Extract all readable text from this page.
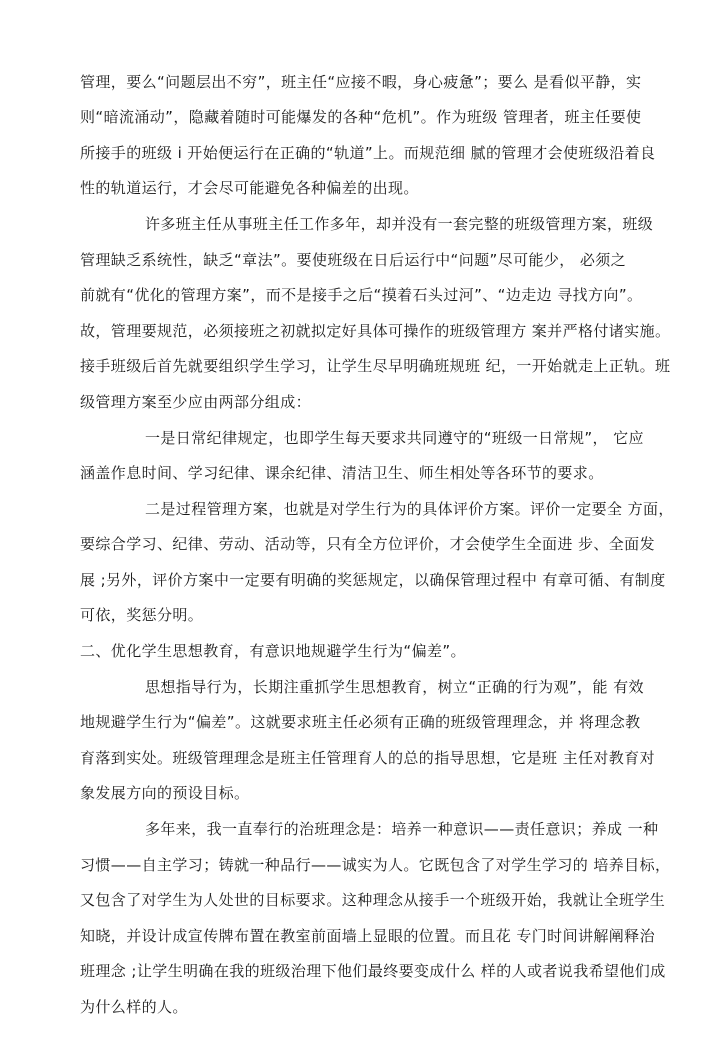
管理，要么“问题层出不穷”，班主任“应接不暇，身心疲惫”；要么 是看似平静，实
则“暗流涌动”，隐藏着随时可能爆发的各种“危机”。作为班级 管理者，班主任要使
所接手的班级 i 开始便运行在正确的“轨道”上。而规范细 腻的管理才会使班级沿着良
性的轨道运行，才会尽可能避免各种偏差的出现。
许多班主任从事班主任工作多年，却并没有一套完整的班级管理方案，班级
管理缺乏系统性，缺乏“章法”。要使班级在日后运行中“问题”尽可能少， 必须之
前就有“优化的管理方案”，而不是接手之后“摸着石头过河”、“边走边 寻找方向”。
故，管理要规范，必须接班之初就拟定好具体可操作的班级管理方 案并严格付诸实施。
接手班级后首先就要组织学生学习，让学生尽早明确班规班 纪，一开始就走上正轨。班
级管理方案至少应由两部分组成：
一是日常纪律规定，也即学生每天要求共同遵守的“班级一日常规”， 它应
涵盖作息时间、学习纪律、课余纪律、清洁卫生、师生相处等各环节的要求。
二是过程管理方案，也就是对学生行为的具体评价方案。评价一定要全 方面，
要综合学习、纪律、劳动、活动等，只有全方位评价，才会使学生全面进 步、全面发
展 ;另外，评价方案中一定要有明确的奖惩规定，以确保管理过程中 有章可循、有制度
可依，奖惩分明。
二、优化学生思想教育，有意识地规避学生行为“偏差”。
思想指导行为，长期注重抓学生思想教育，树立“正确的行为观”，能 有效
地规避学生行为“偏差”。这就要求班主任必须有正确的班级管理理念，并 将理念教
育落到实处。班级管理理念是班主任管理育人的总的指导思想，它是班 主任对教育对
象发展方向的预设目标。
多年来，我一直奉行的治班理念是：培养一种意识——责任意识；养成 一种
习惯——自主学习；铸就一种品行——诚实为人。它既包含了对学生学习的 培养目标，
又包含了对学生为人处世的目标要求。这种理念从接手一个班级开始，我就让全班学生
知晓，并设计成宣传牌布置在教室前面墙上显眼的位置。而且花 专门时间讲解阐释治
班理念 ;让学生明确在我的班级治理下他们最终要变成什么 样的人或者说我希望他们成
为什么样的人。
